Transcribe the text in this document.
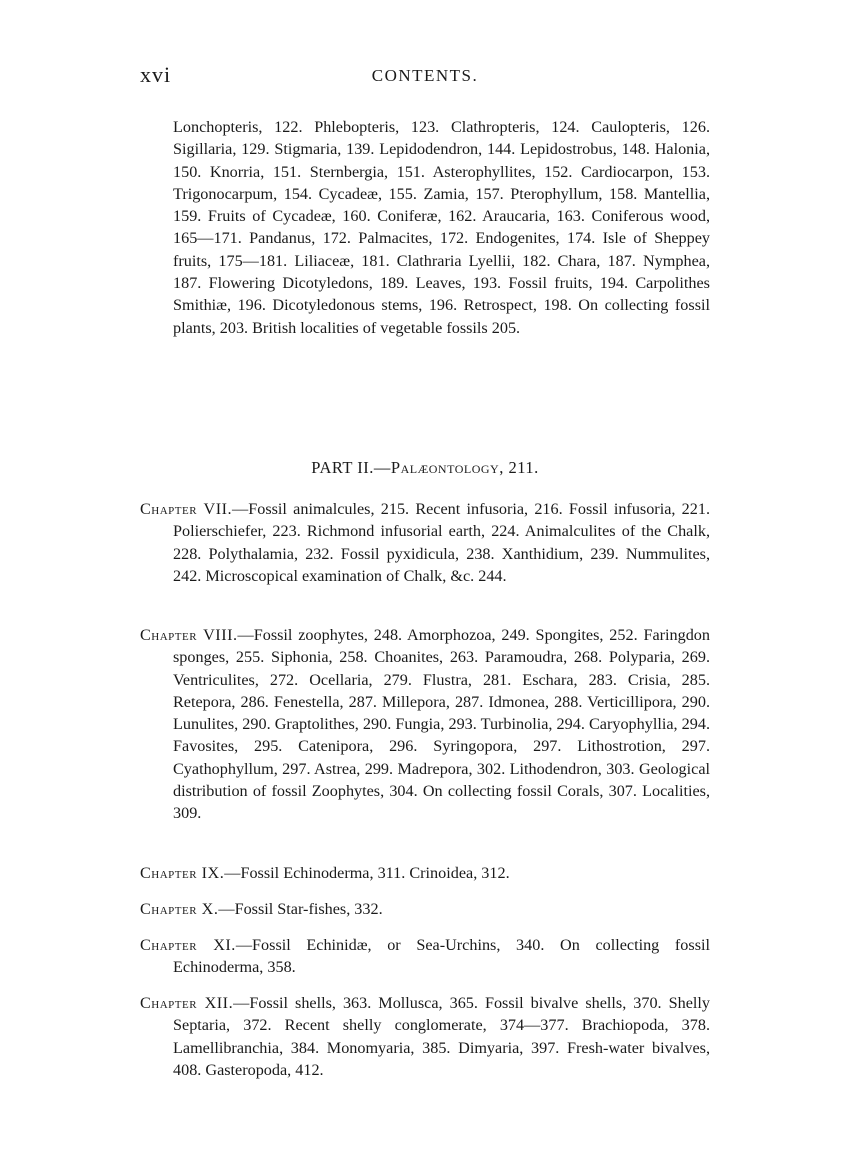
xvi	CONTENTS.
Lonchopteris, 122. Phlebopteris, 123. Clathropteris, 124. Caulopteris, 126. Sigillaria, 129. Stigmaria, 139. Lepidodendron, 144. Lepidostrobus, 148. Halonia, 150. Knorria, 151. Sternbergia, 151. Asterophyllites, 152. Cardiocarpon, 153. Trigonocarpum, 154. Cycadeæ, 155. Zamia, 157. Pterophyllum, 158. Mantellia, 159. Fruits of Cycadeæ, 160. Coniferæ, 162. Araucaria, 163. Coniferous wood, 165—171. Pandanus, 172. Palmacites, 172. Endogenites, 174. Isle of Sheppey fruits, 175—181. Liliaceæ, 181. Clathraria Lyellii, 182. Chara, 187. Nymphea, 187. Flowering Dicotyledons, 189. Leaves, 193. Fossil fruits, 194. Carpolithes Smithiæ, 196. Dicotyledonous stems, 196. Retrospect, 198. On collecting fossil plants, 203. British localities of vegetable fossils 205.
PART II.—Palæontology, 211.

Chapter VII.—Fossil animalcules, 215. Recent infusoria, 216. Fossil infusoria, 221. Polierschiefer, 223. Richmond infusorial earth, 224. Animalculites of the Chalk, 228. Polythalamia, 232. Fossil pyxidicula, 238. Xanthidium, 239. Nummulites, 242. Microscopical examination of Chalk, &c. 244.

Chapter VIII.—Fossil zoophytes, 248. Amorphozoa, 249. Spongites, 252. Faringdon sponges, 255. Siphonia, 258. Choanites, 263. Paramoudra, 268. Polyparia, 269. Ventriculites, 272. Ocellaria, 279. Flustra, 281. Eschara, 283. Crisia, 285. Retepora, 286. Fenestella, 287. Millepora, 287. Idmonea, 288. Verticillipora, 290. Lunulites, 290. Graptolithes, 290. Fungia, 293. Turbinolia, 294. Caryophyllia, 294. Favosites, 295. Catenipora, 296. Syringopora, 297. Lithostrotion, 297. Cyathophyllum, 297. Astrea, 299. Madrepora, 302. Lithodendron, 303. Geological distribution of fossil Zoophytes, 304. On collecting fossil Corals, 307. Localities, 309.

Chapter IX.—Fossil Echinoderma, 311. Crinoidea, 312.

Chapter X.—Fossil Star-fishes, 332.

Chapter XI.—Fossil Echinidæ, or Sea-Urchins, 340. On collecting fossil Echinoderma, 358.

Chapter XII.—Fossil shells, 363. Mollusca, 365. Fossil bivalve shells, 370. Shelly Septaria, 372. Recent shelly conglomerate, 374—377. Brachiopoda, 378. Lamellibranchia, 384. Monomyaria, 385. Dimyaria, 397. Fresh-water bivalves, 408. Gasteropoda, 412.
